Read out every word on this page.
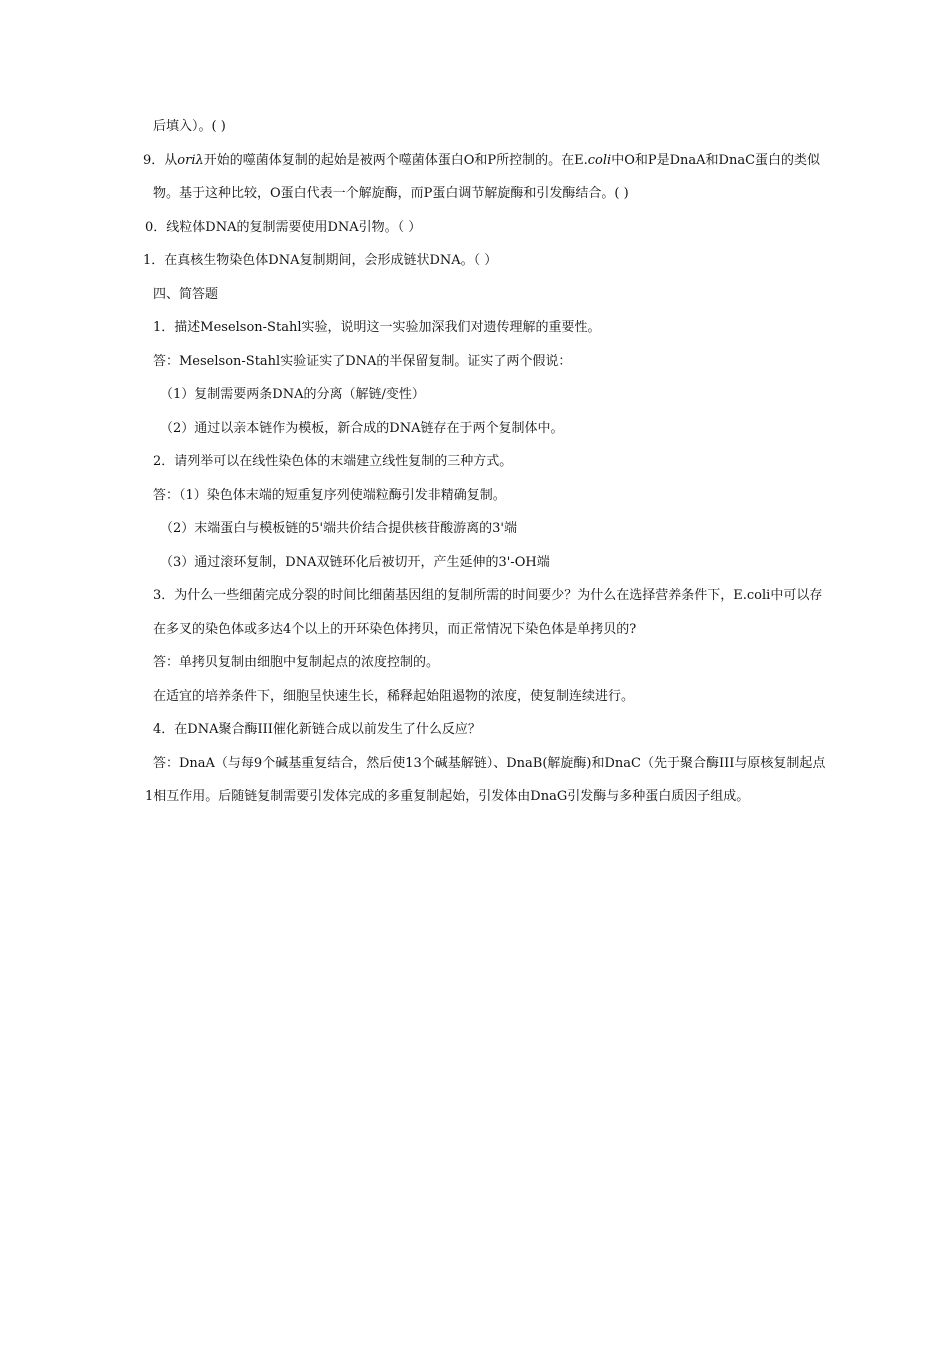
后填入）。( )
9．从oriλ开始的噬菌体复制的起始是被两个噬菌体蛋白O和P所控制的。在E.coli中O和P是DnaA和DnaC蛋白的类似
物。基于这种比较，O蛋白代表一个解旋酶，而P蛋白调节解旋酶和引发酶结合。( )
0．线粒体DNA的复制需要使用DNA引物。（ ）
1．在真核生物染色体DNA复制期间，会形成链状DNA。（ ）
四、简答题
1．描述Meselson-Stahl实验，说明这一实验加深我们对遗传理解的重要性。
答：Meselson-Stahl实验证实了DNA的半保留复制。证实了两个假说：
（1）复制需要两条DNA的分离（解链/变性）
（2）通过以亲本链作为模板，新合成的DNA链存在于两个复制体中。
2．请列举可以在线性染色体的末端建立线性复制的三种方式。
答：（1）染色体末端的短重复序列使端粒酶引发非精确复制。
（2）末端蛋白与模板链的5'端共价结合提供核苷酸游离的3'端
（3）通过滚环复制，DNA双链环化后被切开，产生延伸的3'-OH端
3．为什么一些细菌完成分裂的时间比细菌基因组的复制所需的时间要少？为什么在选择营养条件下，E.coli中可以存
在多叉的染色体或多达4个以上的开环染色体拷贝，而正常情况下染色体是单拷贝的?
答：单拷贝复制由细胞中复制起点的浓度控制的。
在适宜的培养条件下，细胞呈快速生长，稀释起始阻遏物的浓度，使复制连续进行。
4．在DNA聚合酶III催化新链合成以前发生了什么反应？
答：DnaA（与每9个碱基重复结合，然后使13个碱基解链）、DnaB(解旋酶)和DnaC（先于聚合酶III与原核复制起点
1相互作用。后随链复制需要引发体完成的多重复制起始，引发体由DnaG引发酶与多种蛋白质因子组成。
